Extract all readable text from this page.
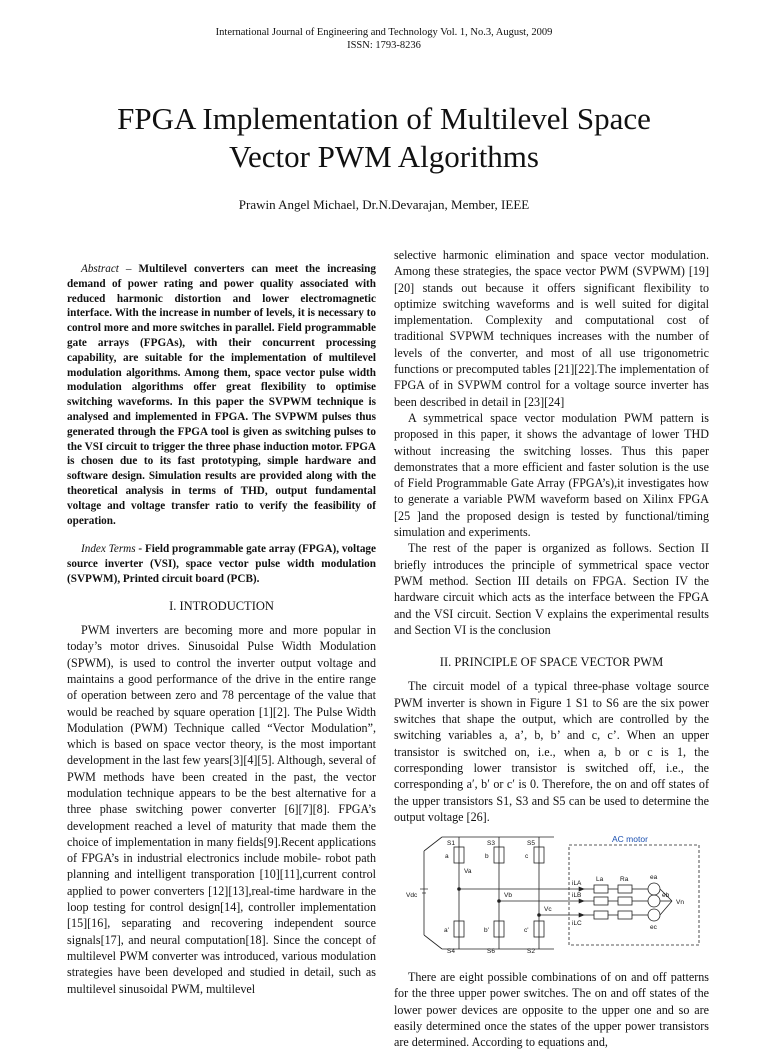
International Journal of Engineering and Technology Vol. 1, No.3, August, 2009
ISSN: 1793-8236
FPGA Implementation of Multilevel Space
Vector PWM Algorithms
Prawin Angel Michael, Dr.N.Devarajan, Member, IEEE

Abstract – Multilevel converters can meet the increasing demand of power rating and power quality associated with reduced harmonic distortion and lower electromagnetic interface. With the increase in number of levels, it is necessary to control more and more switches in parallel. Field programmable gate arrays (FPGAs), with their concurrent processing capability, are suitable for the implementation of multilevel modulation algorithms. Among them, space vector pulse width modulation algorithms offer great flexibility to optimise switching waveforms. In this paper the SVPWM technique is analysed and implemented in FPGA. The SVPWM pulses thus generated through the FPGA tool is given as switching pulses to the VSI circuit to trigger the three phase induction motor. FPGA is chosen due to its fast prototyping, simple hardware and software design. Simulation results are provided along with the theoretical analysis in terms of THD, output fundamental voltage and voltage transfer ratio to verify the feasibility of operation.

Index Terms - Field programmable gate array (FPGA), voltage source inverter (VSI), space vector pulse width modulation (SVPWM), Printed circuit board (PCB).

I. INTRODUCTION

PWM inverters are becoming more and more popular in today’s motor drives. Sinusoidal Pulse Width Modulation (SPWM), is used to control the inverter output voltage and maintains a good performance of the drive in the entire range of operation between zero and 78 percentage of the value that would be reached by square operation [1][2]. The Pulse Width Modulation (PWM) Technique called “Vector Modulation”, which is based on space vector theory, is the most important development in the last few years[3][4][5]. Although, several of PWM methods have been created in the past, the vector modulation technique appears to be the best alternative for a three phase switching power converter [6][7][8]. FPGA’s development reached a level of maturity that made them the choice of implementation in many fields[9].Recent applications of FPGA’s in industrial electronics include mobile- robot path planning and intelligent transporation [10][11],current control applied to power converters [12][13],real-time hardware in the loop testing for control design[14], controller implementation [15][16], separating and recovering independent source signals[17], and neural computation[18]. Since the concept of multilevel PWM converter was introduced, various modulation strategies have been developed and studied in detail, such as multilevel sinusoidal PWM, multilevel

selective harmonic elimination and space vector modulation. Among these strategies, the space vector PWM (SVPWM) [19][20] stands out because it offers significant flexibility to optimize switching waveforms and is well suited for digital implementation. Complexity and computational cost of traditional SVPWM techniques increases with the number of levels of the converter, and most of all use trigonometric functions or precomputed tables [21][22].The implementation of FPGA of in SVPWM control for a voltage source inverter has been described in detail in [23][24]

A symmetrical space vector modulation PWM pattern is proposed in this paper, it shows the advantage of lower THD without increasing the switching losses. Thus this paper demonstrates that a more efficient and faster solution is the use of Field Programmable Gate Array (FPGA’s),it investigates how to generate a variable PWM waveform based on Xilinx FPGA [25 ]and the proposed design is tested by functional/timing simulation and experiments.

The rest of the paper is organized as follows. Section II briefly introduces the principle of symmetrical space vector PWM method. Section III details on FPGA. Section IV the hardware circuit which acts as the interface between the FPGA and the VSI circuit. Section V explains the experimental results and Section VI is the conclusion

II. PRINCIPLE OF SPACE VECTOR PWM

The circuit model of a typical three-phase voltage source PWM inverter is shown in Figure 1 S1 to S6 are the six power switches that shape the output, which are controlled by the switching variables a, a’, b, b’ and c, c’. When an upper transistor is switched on, i.e., when a, b or c is 1, the corresponding lower transistor is switched off, i.e., the corresponding a′, b′ or c′ is 0. Therefore, the on and off states of the upper transistors S1, S3 and S5 can be used to determine the output voltage [26].

AC motor
S1	S3	S5
S4	S6	S2
a	b	c
a'	b'	c'
Va
Vb
Vc
Vdc
iLA
iLB
iLC
La	Ra	ea
eb
ec
Vn

There are eight possible combinations of on and off patterns for the three upper power switches. The on and off states of the lower power devices are opposite to the upper one and so are easily determined once the states of the upper power transistors are determined. According to equations and,
